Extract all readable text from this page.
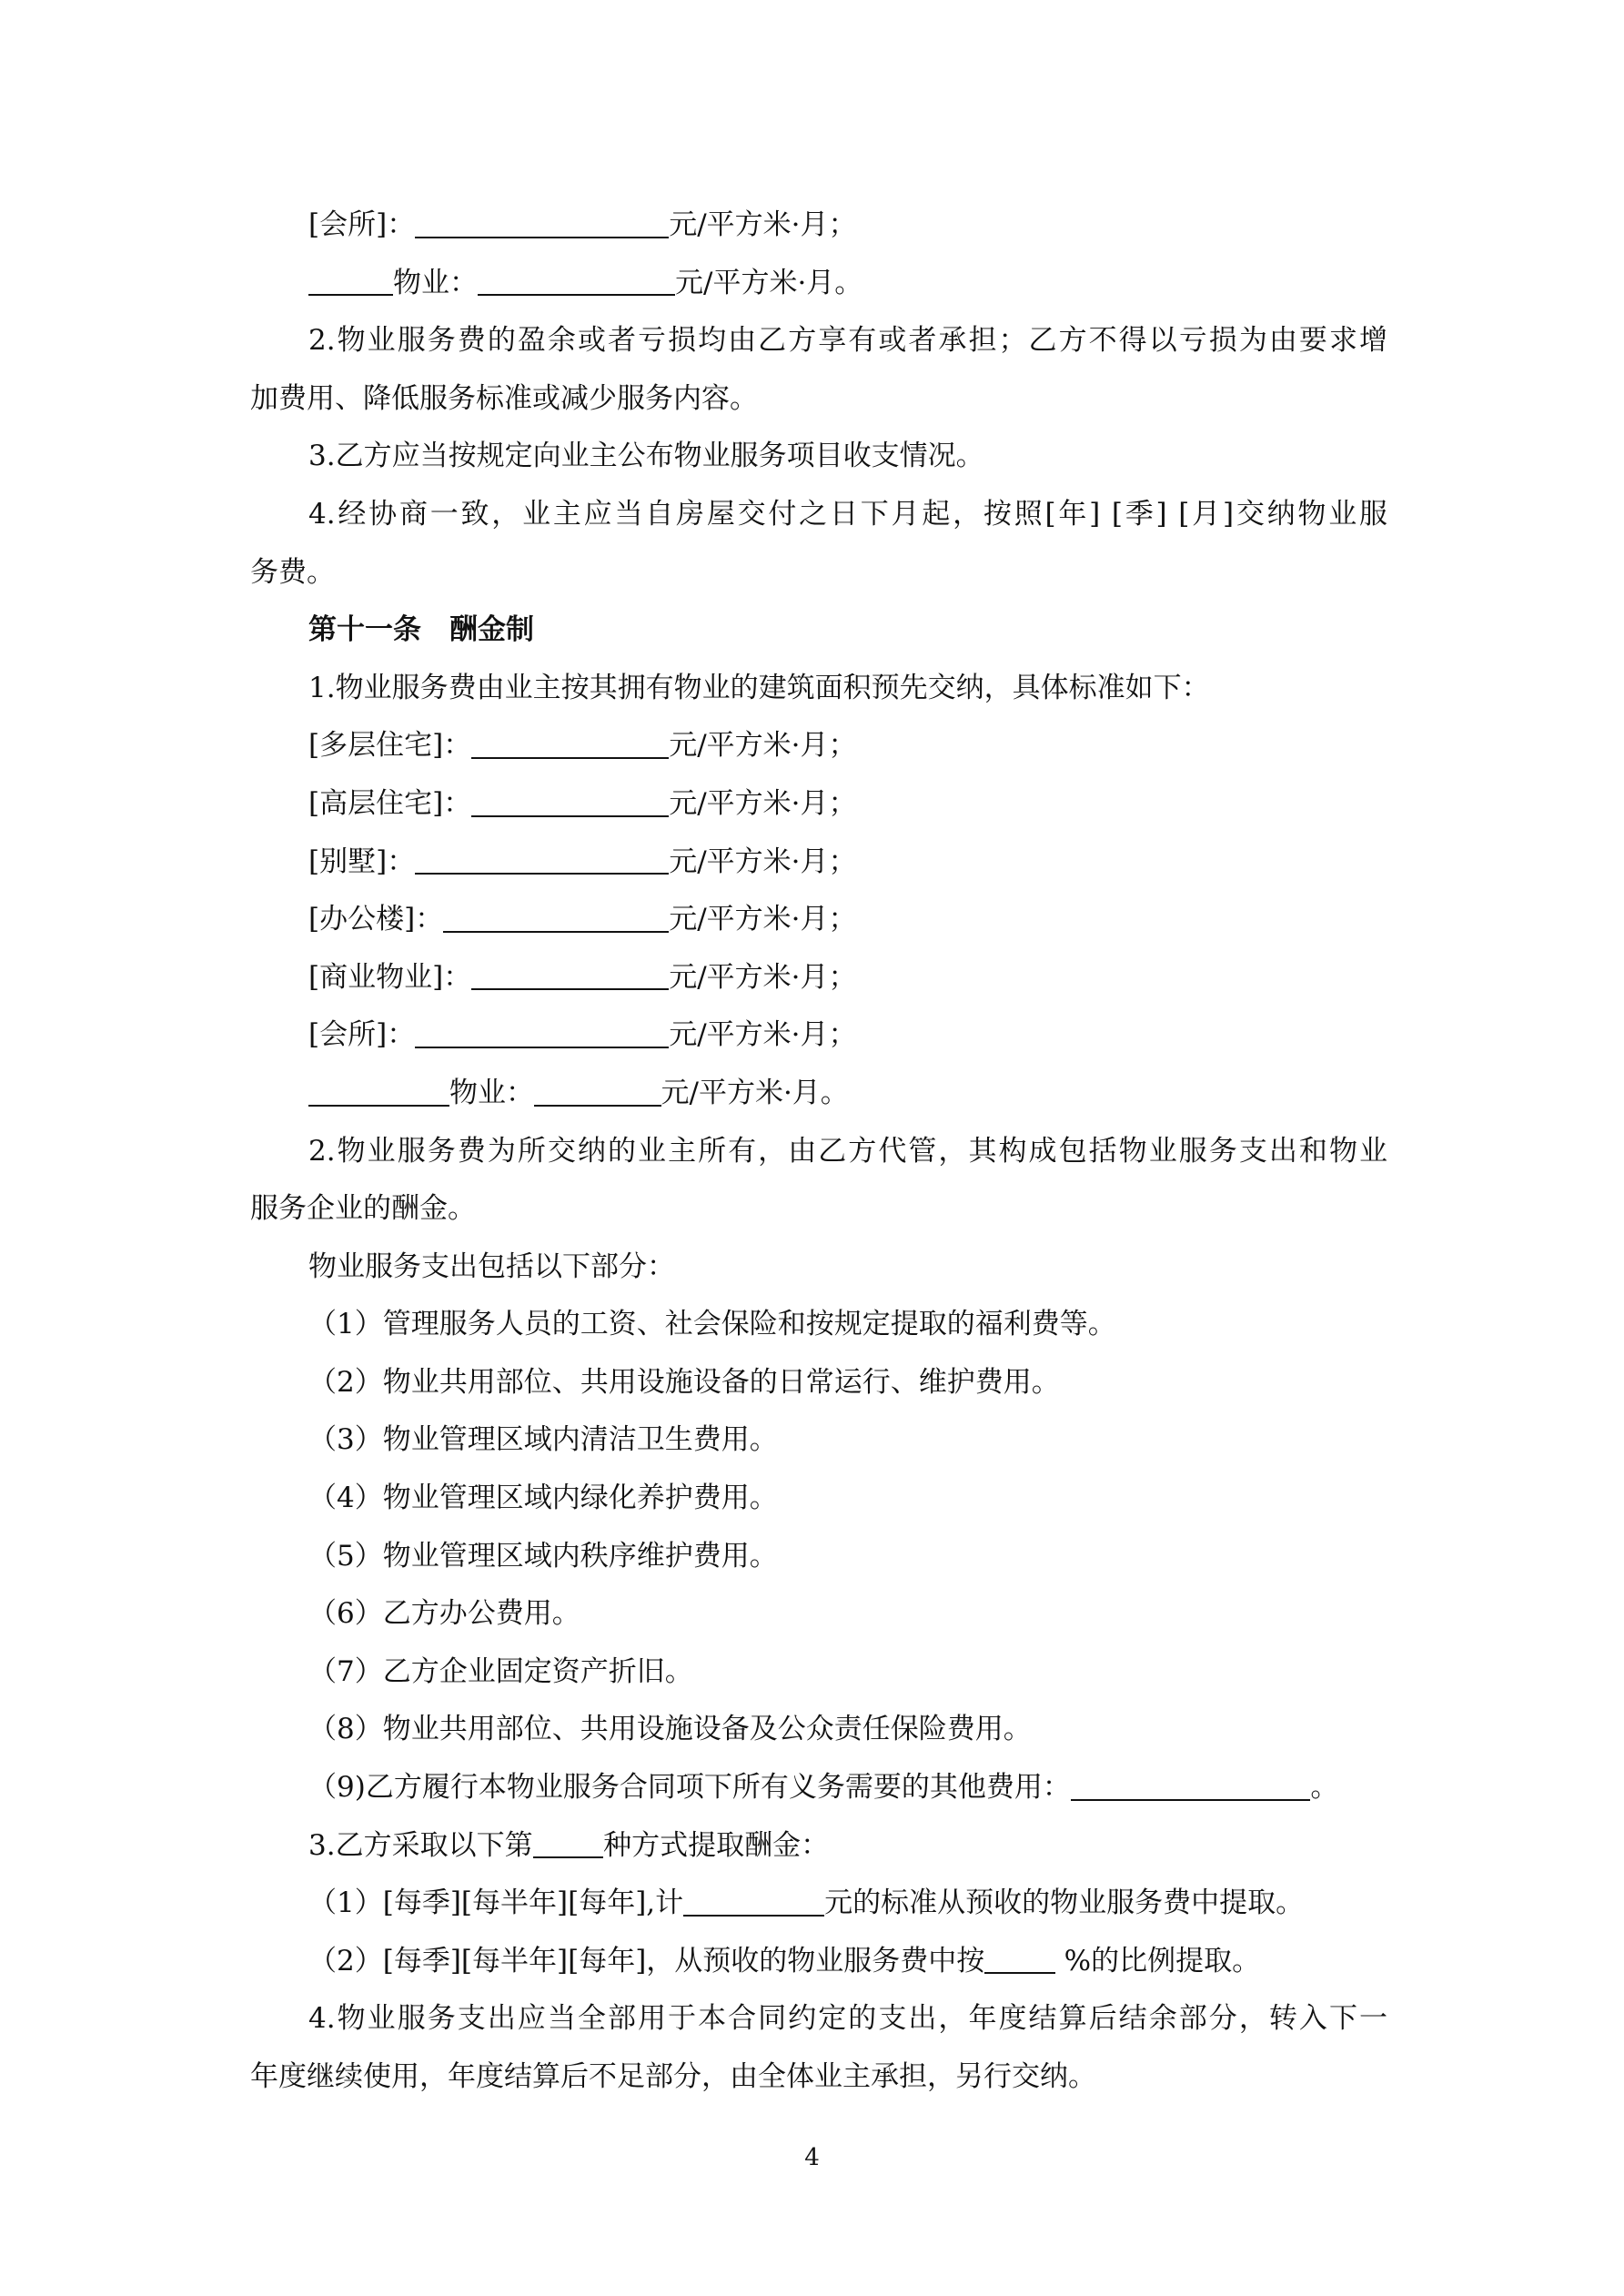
[会所]：	元/平方米·月；
物业：	元/平方米·月。
2.物业服务费的盈余或者亏损均由乙方享有或者承担；乙方不得以亏损为由要求增
加费用、降低服务标准或减少服务内容。
3.乙方应当按规定向业主公布物业服务项目收支情况。
4.经协商一致，业主应当自房屋交付之日下月起，按照[年] [季] [月]交纳物业服
务费。
第十一条　酬金制
1.物业服务费由业主按其拥有物业的建筑面积预先交纳，具体标准如下：
[多层住宅]：	元/平方米·月；
[高层住宅]：	元/平方米·月；
[别墅]：	元/平方米·月；
[办公楼]：	元/平方米·月；
[商业物业]：	元/平方米·月；
[会所]：	元/平方米·月；
物业：	元/平方米·月。
2.物业服务费为所交纳的业主所有，由乙方代管，其构成包括物业服务支出和物业
服务企业的酬金。
物业服务支出包括以下部分：
（1）管理服务人员的工资、社会保险和按规定提取的福利费等。
（2）物业共用部位、共用设施设备的日常运行、维护费用。
（3）物业管理区域内清洁卫生费用。
（4）物业管理区域内绿化养护费用。
（5）物业管理区域内秩序维护费用。
（6）乙方办公费用。
（7）乙方企业固定资产折旧。
（8）物业共用部位、共用设施设备及公众责任保险费用。
（9)乙方履行本物业服务合同项下所有义务需要的其他费用：	。
3.乙方采取以下第	种方式提取酬金：
（1）[每季][每半年][每年],计	元的标准从预收的物业服务费中提取。
（2）[每季][每半年][每年]，从预收的物业服务费中按	%的比例提取。
4.物业服务支出应当全部用于本合同约定的支出，年度结算后结余部分，转入下一
年度继续使用，年度结算后不足部分，由全体业主承担，另行交纳。
4
